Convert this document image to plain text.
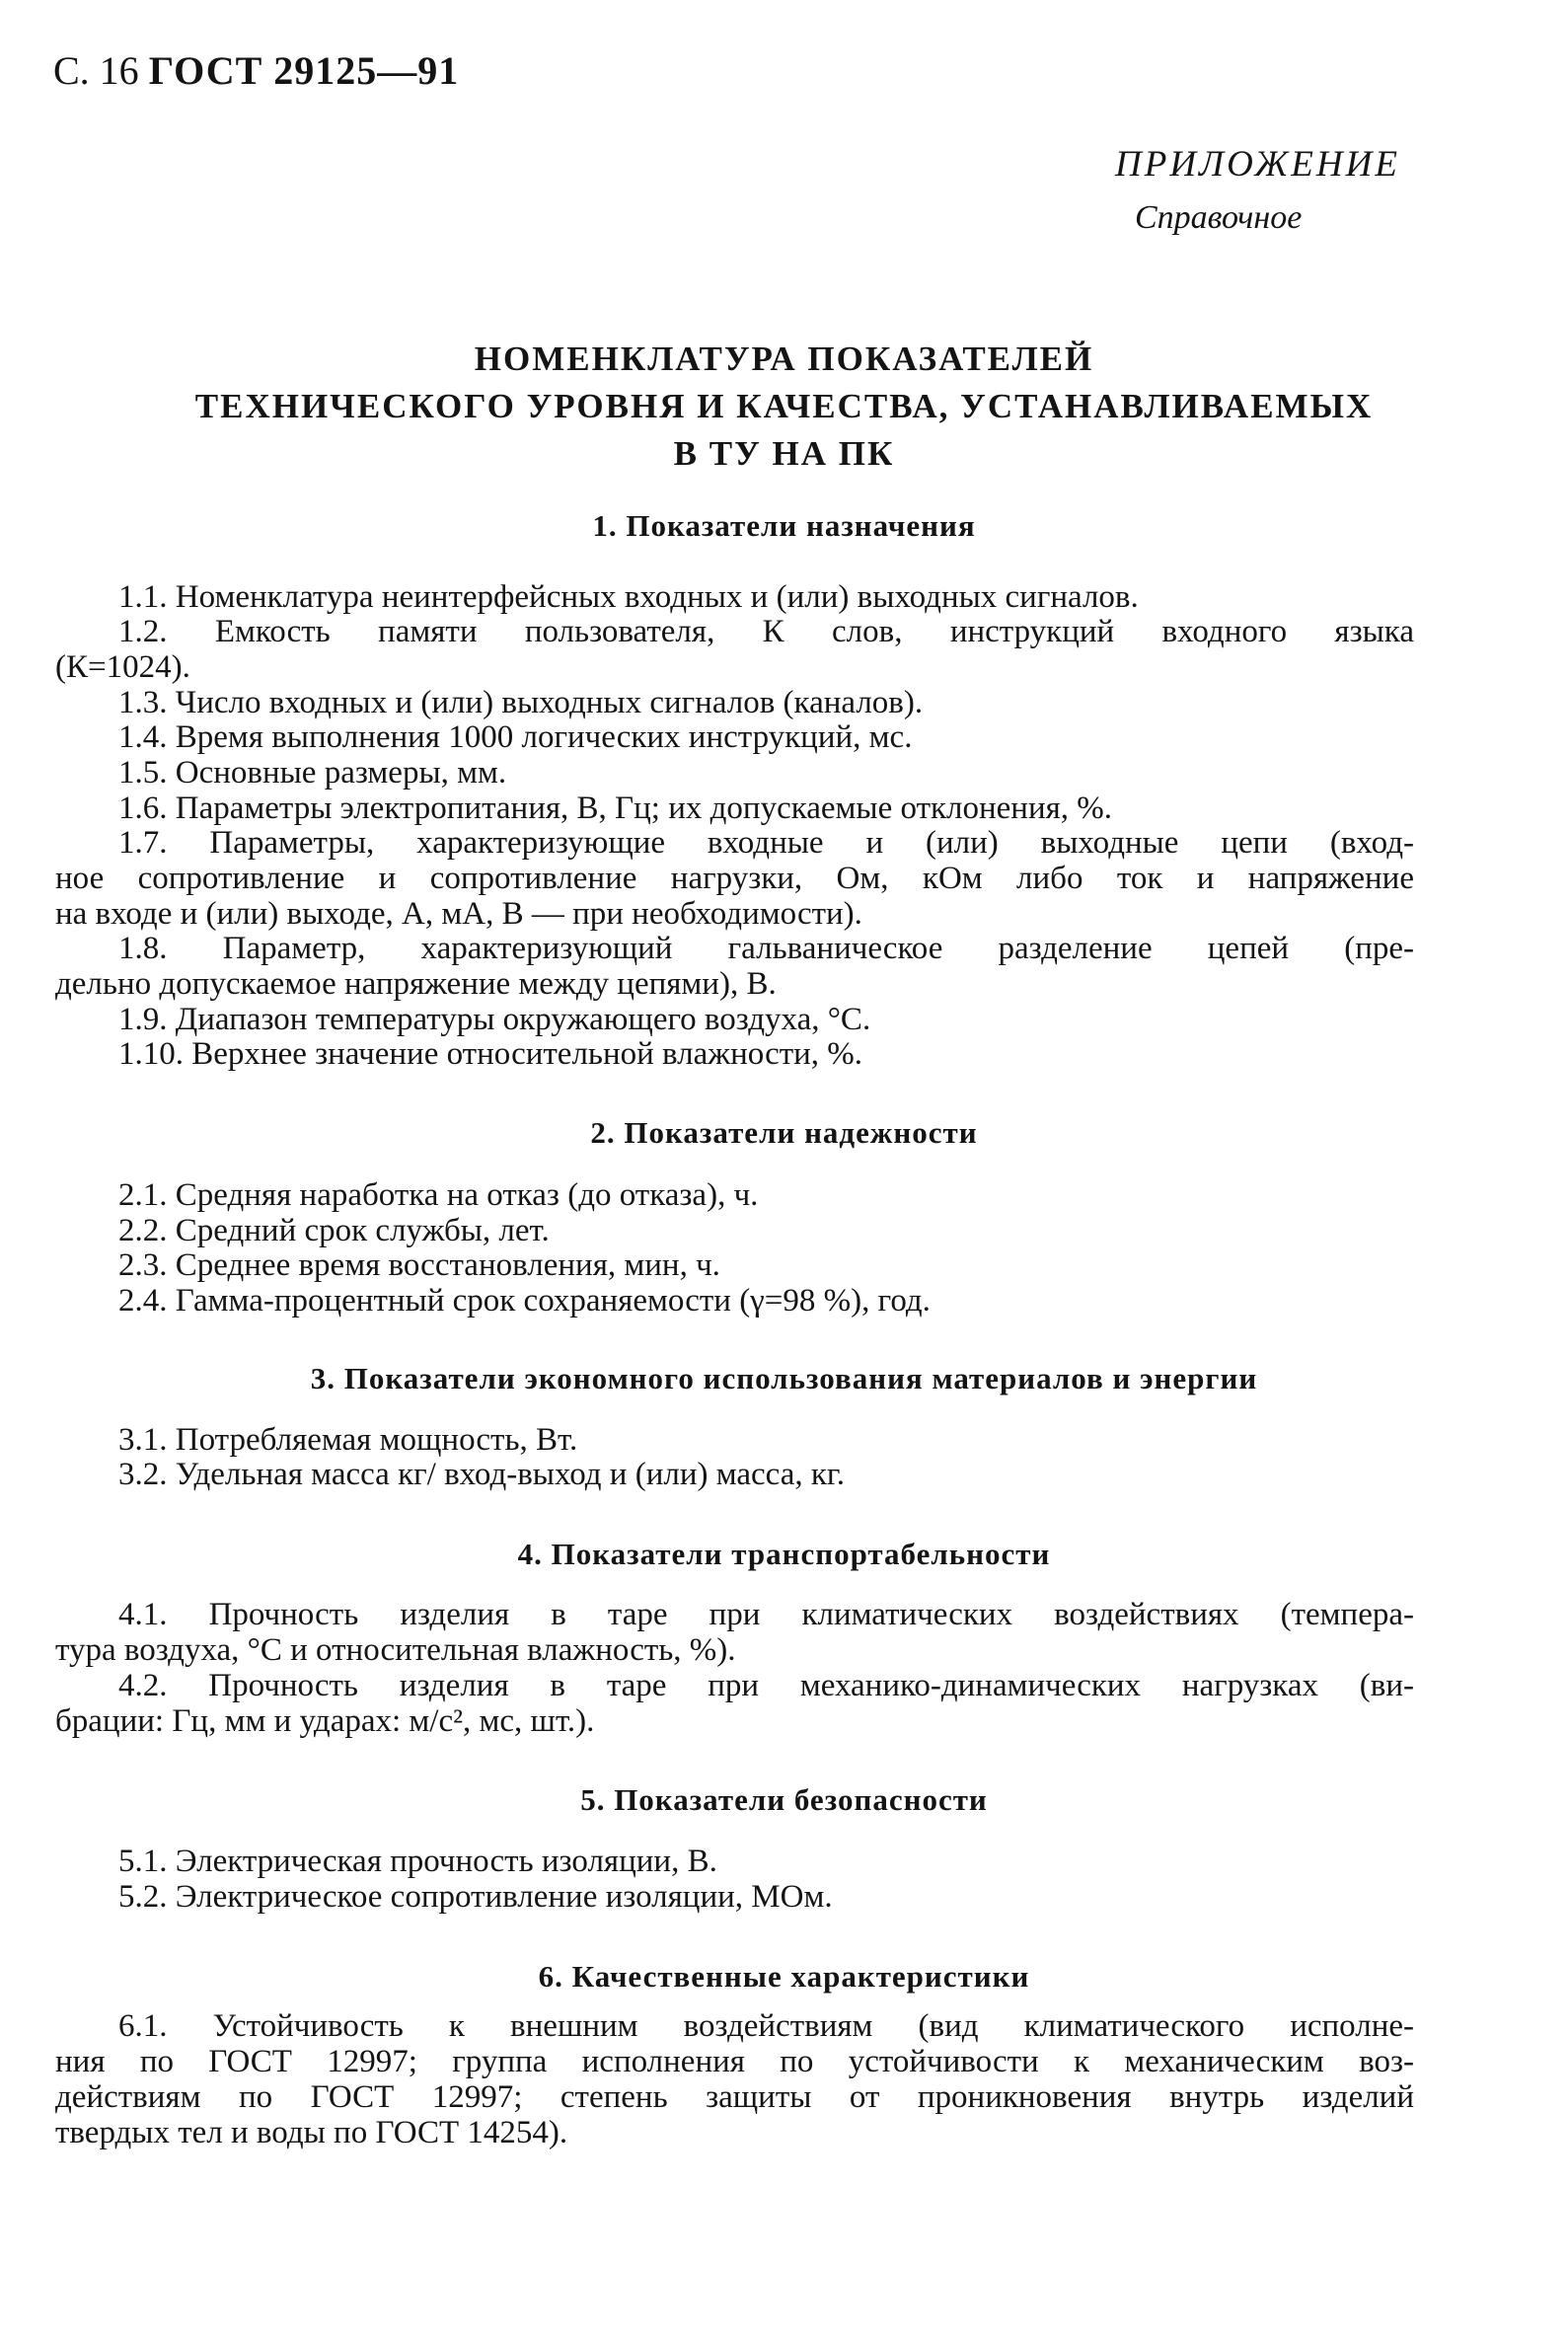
С. 16 ГОСТ 29125—91
ПРИЛОЖЕНИЕ
Справочное
НОМЕНКЛАТУРА ПОКАЗАТЕЛЕЙ
ТЕХНИЧЕСКОГО УРОВНЯ И КАЧЕСТВА, УСТАНАВЛИВАЕМЫХ
В ТУ НА ПК
1. Показатели назначения
1.1. Номенклатура неинтерфейсных входных и (или) выходных сигналов.
1.2. Емкость памяти пользователя, К слов, инструкций входного языка
(К=1024).
1.3. Число входных и (или) выходных сигналов (каналов).
1.4. Время выполнения 1000 логических инструкций, мс.
1.5. Основные размеры, мм.
1.6. Параметры электропитания, В, Гц; их допускаемые отклонения, %.
1.7. Параметры, характеризующие входные и (или) выходные цепи (вход-
ное сопротивление и сопротивление нагрузки, Ом, кОм либо ток и напряжение
на входе и (или) выходе, А, мА, В — при необходимости).
1.8. Параметр, характеризующий гальваническое разделение цепей (пре-
дельно допускаемое напряжение между цепями), В.
1.9. Диапазон температуры окружающего воздуха, °С.
1.10. Верхнее значение относительной влажности, %.
2. Показатели надежности
2.1. Средняя наработка на отказ (до отказа), ч.
2.2. Средний срок службы, лет.
2.3. Среднее время восстановления, мин, ч.
2.4. Гамма-процентный срок сохраняемости (γ=98 %), год.
3. Показатели экономного использования материалов и энергии
3.1. Потребляемая мощность, Вт.
3.2. Удельная масса кг/ вход-выход и (или) масса, кг.
4. Показатели транспортабельности
4.1. Прочность изделия в таре при климатических воздействиях (темпера-
тура воздуха, °С и относительная влажность, %).
4.2. Прочность изделия в таре при механико-динамических нагрузках (ви-
брации: Гц, мм и ударах: м/с², мс, шт.).
5. Показатели безопасности
5.1. Электрическая прочность изоляции, В.
5.2. Электрическое сопротивление изоляции, МОм.
6. Качественные характеристики
6.1. Устойчивость к внешним воздействиям (вид климатического исполне-
ния по ГОСТ 12997; группа исполнения по устойчивости к механическим воз-
действиям по ГОСТ 12997; степень защиты от проникновения внутрь изделий
твердых тел и воды по ГОСТ 14254).
